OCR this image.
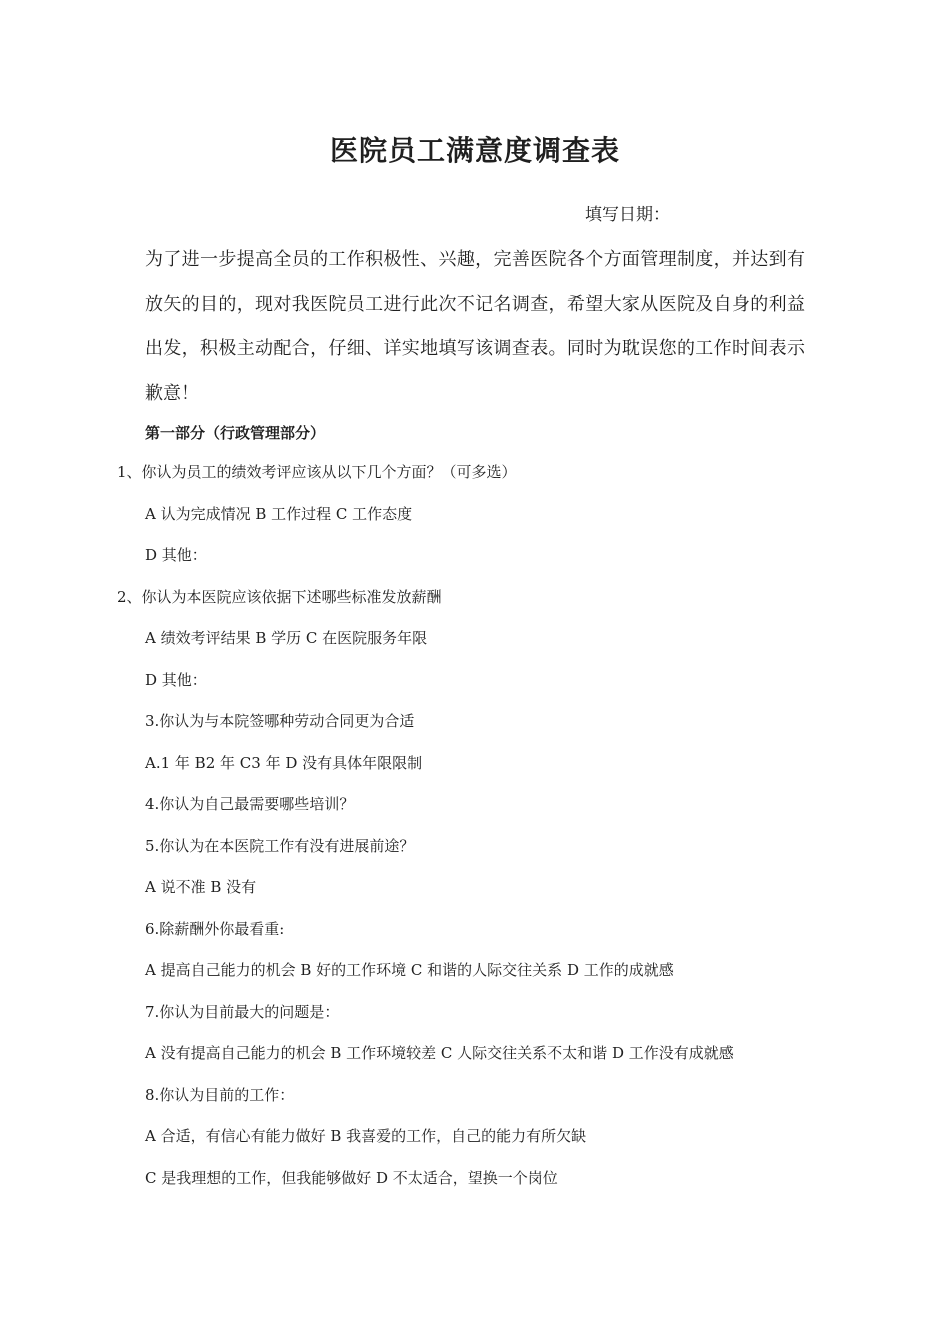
医院员工满意度调查表
填写日期：

为了进一步提高全员的工作积极性、兴趣，完善医院各个方面管理制度，并达到有放矢的目的，现对我医院员工进行此次不记名调查，希望大家从医院及自身的利益出发，积极主动配合，仔细、详实地填写该调查表。同时为耽误您的工作时间表示歉意！

第一部分（行政管理部分）
1、你认为员工的绩效考评应该从以下几个方面？（可多选）
A 认为完成情况 B 工作过程 C 工作态度
D 其他：
2、你认为本医院应该依据下述哪些标准发放薪酬
A 绩效考评结果 B 学历 C 在医院服务年限
D 其他：
3.你认为与本院签哪种劳动合同更为合适
A.1 年 B2 年 C3 年 D 没有具体年限限制
4.你认为自己最需要哪些培训？
5.你认为在本医院工作有没有进展前途？
A 说不准 B 没有
6.除薪酬外你最看重:
A 提高自己能力的机会 B 好的工作环境 C 和谐的人际交往关系 D 工作的成就感
7.你认为目前最大的问题是：
A 没有提高自己能力的机会 B 工作环境较差 C 人际交往关系不太和谐 D 工作没有成就感
8.你认为目前的工作：
A 合适，有信心有能力做好 B 我喜爱的工作，自己的能力有所欠缺
C 是我理想的工作，但我能够做好 D 不太适合，望换一个岗位
